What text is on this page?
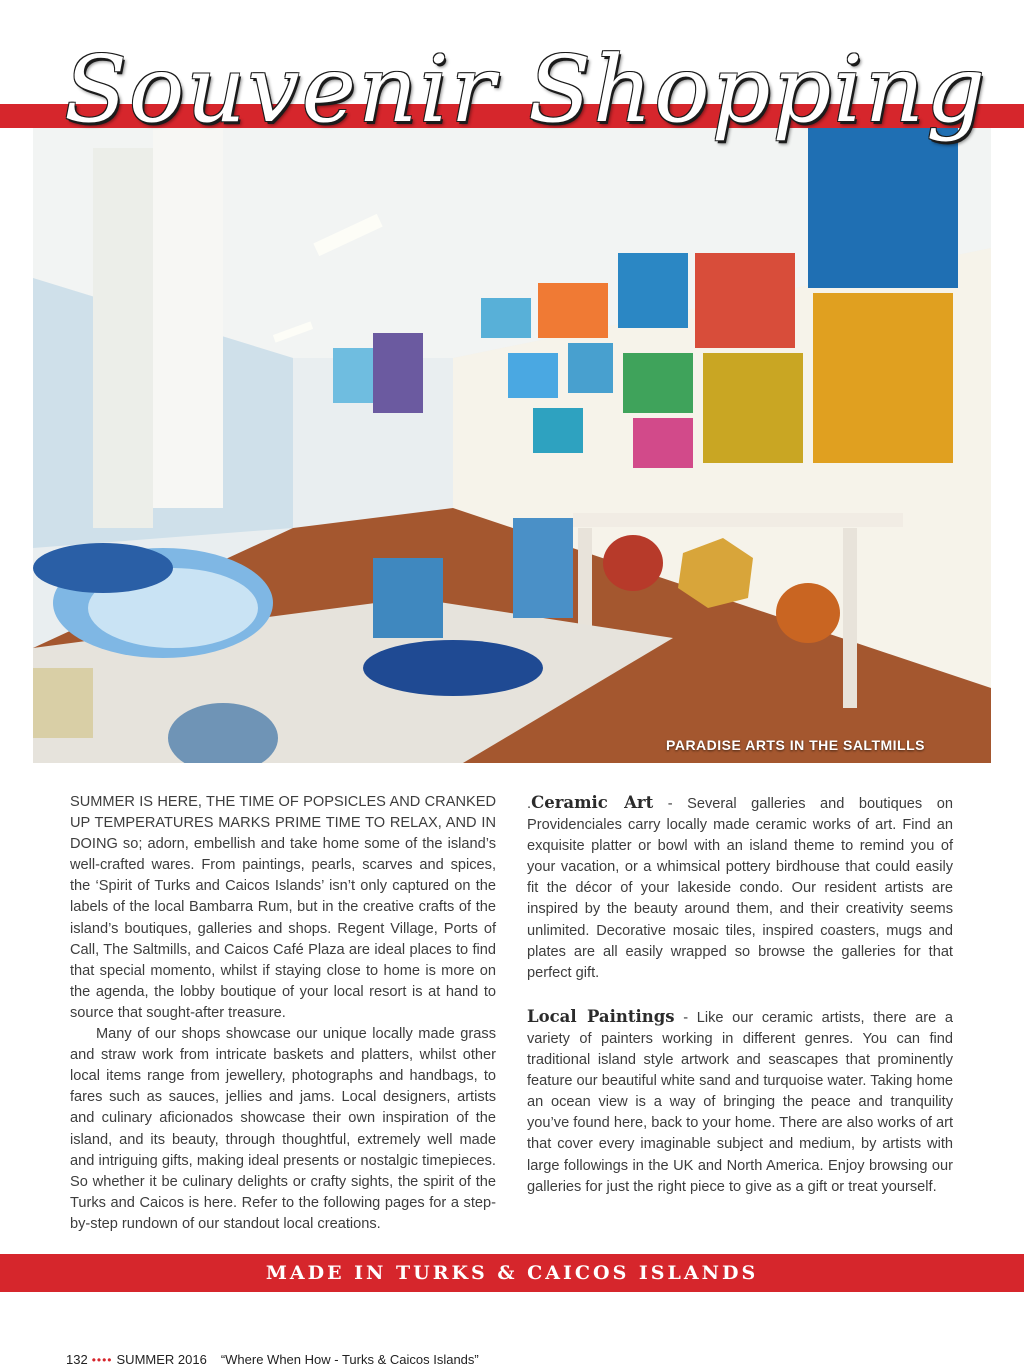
PARADISE ARTS IN THE SALTMILLS
Souvenir Shopping

SUMMER IS HERE, THE TIME OF POPSICLES AND CRANKED UP TEMPERATURES MARKS PRIME TIME TO RELAX, AND IN DOING so; adorn, embellish and take home some of the island’s well-crafted wares. From paintings, pearls, scarves and spices, the ‘Spirit of Turks and Caicos Islands’ isn’t only captured on the labels of the local Bambarra Rum, but in the creative crafts of the island’s boutiques, galleries and shops. Regent Village, Ports of Call, The Saltmills, and Caicos Café Plaza are ideal places to find that special momento, whilst if staying close to home is more on the agenda, the lobby boutique of your local resort is at hand to source that sought-after treasure.

Many of our shops showcase our unique locally made grass and straw work from intricate baskets and platters, whilst other local items range from jewellery, photographs and handbags, to fares such as sauces, jellies and jams. Local designers, artists and culinary aficionados showcase their own inspiration of the island, and its beauty, through thoughtful, extremely well made and intriguing gifts, making ideal presents or nostalgic timepieces. So whether it be culinary delights or crafty sights, the spirit of the Turks and Caicos is here. Refer to the following pages for a step-by-step rundown of our standout local creations.

.Ceramic Art - Several galleries and boutiques on Providenciales carry locally made ceramic works of art. Find an exquisite platter or bowl with an island theme to remind you of your vacation, or a whimsical pottery birdhouse that could easily fit the décor of your lakeside condo. Our resident artists are inspired by the beauty around them, and their creativity seems unlimited. Decorative mosaic tiles, inspired coasters, mugs and plates are all easily wrapped so browse the galleries for that perfect gift.

Local Paintings - Like our ceramic artists, there are a variety of painters working in different genres. You can find traditional island style artwork and seascapes that prominently feature our beautiful white sand and turquoise water. Taking home an ocean view is a way of bringing the peace and tranquility you’ve found here, back to your home. There are also works of art that cover every imaginable subject and medium, by artists with large followings in the UK and North America. Enjoy browsing our galleries for just the right piece to give as a gift or treat yourself.

MADE IN TURKS & CAICOS ISLANDS
132 •••• SUMMER 2016 “Where When How - Turks & Caicos Islands”
